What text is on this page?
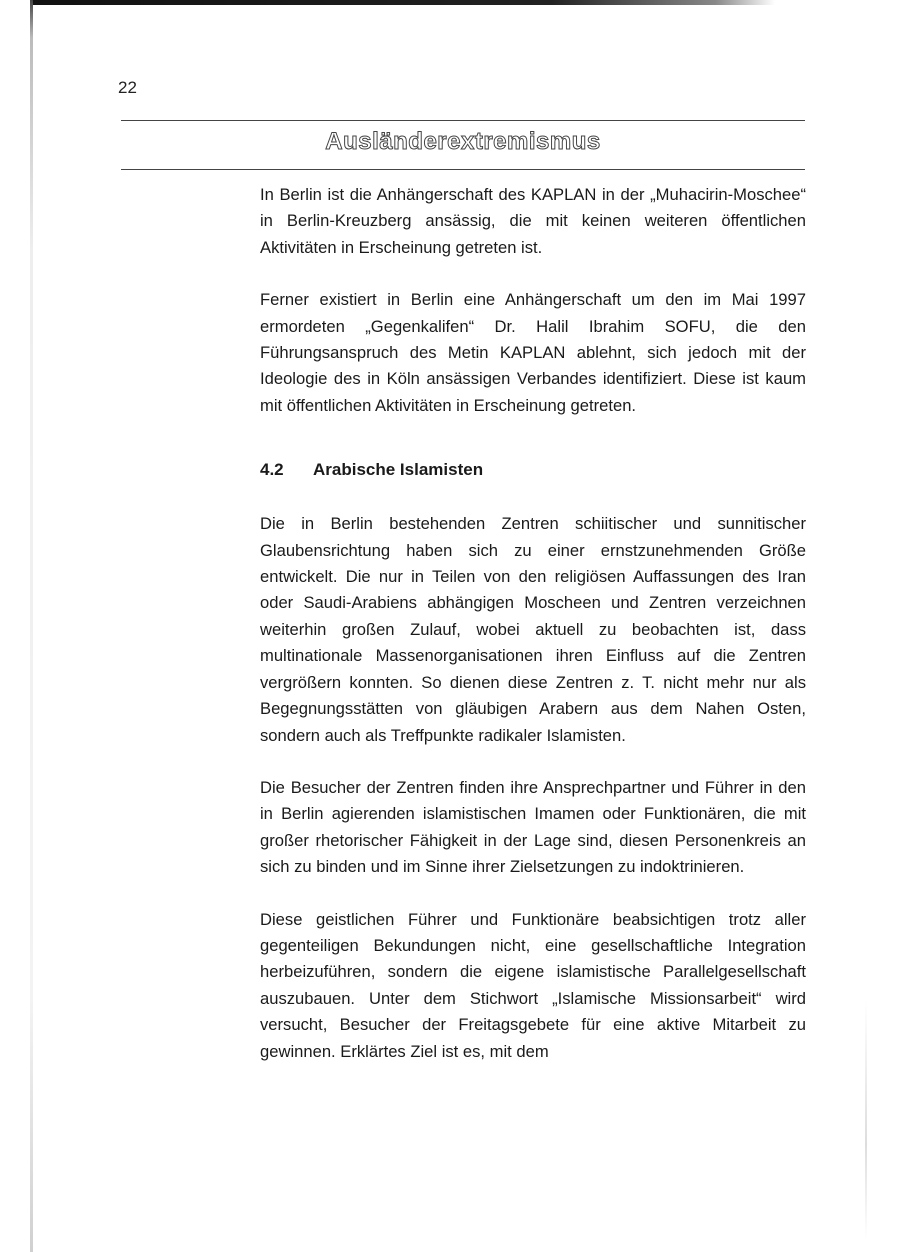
22
Ausländerextremismus

In Berlin ist die Anhängerschaft des KAPLAN in der „Muhacirin-Moschee“ in Berlin-Kreuzberg ansässig, die mit keinen weiteren öffentlichen Aktivitäten in Erscheinung getreten ist.

Ferner existiert in Berlin eine Anhängerschaft um den im Mai 1997 ermordeten „Gegenkalifen“ Dr. Halil Ibrahim SOFU, die den Führungsanspruch des Metin KAPLAN ablehnt, sich jedoch mit der Ideologie des in Köln ansässigen Verbandes identifiziert. Diese ist kaum mit öffentlichen Aktivitäten in Erscheinung getreten.

4.2 Arabische Islamisten

Die in Berlin bestehenden Zentren schiitischer und sunnitischer Glaubensrichtung haben sich zu einer ernstzunehmenden Größe entwickelt. Die nur in Teilen von den religiösen Auffassungen des Iran oder Saudi-Arabiens abhängigen Moscheen und Zentren verzeichnen weiterhin großen Zulauf, wobei aktuell zu beobachten ist, dass multinationale Massenorganisationen ihren Einfluss auf die Zentren vergrößern konnten. So dienen diese Zentren z. T. nicht mehr nur als Begegnungsstätten von gläubigen Arabern aus dem Nahen Osten, sondern auch als Treffpunkte radikaler Islamisten.

Die Besucher der Zentren finden ihre Ansprechpartner und Führer in den in Berlin agierenden islamistischen Imamen oder Funktionären, die mit großer rhetorischer Fähigkeit in der Lage sind, diesen Personenkreis an sich zu binden und im Sinne ihrer Zielsetzungen zu indoktrinieren.

Diese geistlichen Führer und Funktionäre beabsichtigen trotz aller gegenteiligen Bekundungen nicht, eine gesellschaftliche Integration herbeizuführen, sondern die eigene islamistische Parallelgesellschaft auszubauen. Unter dem Stichwort „Islamische Missionsarbeit“ wird versucht, Besucher der Freitagsgebete für eine aktive Mitarbeit zu gewinnen. Erklärtes Ziel ist es, mit dem
